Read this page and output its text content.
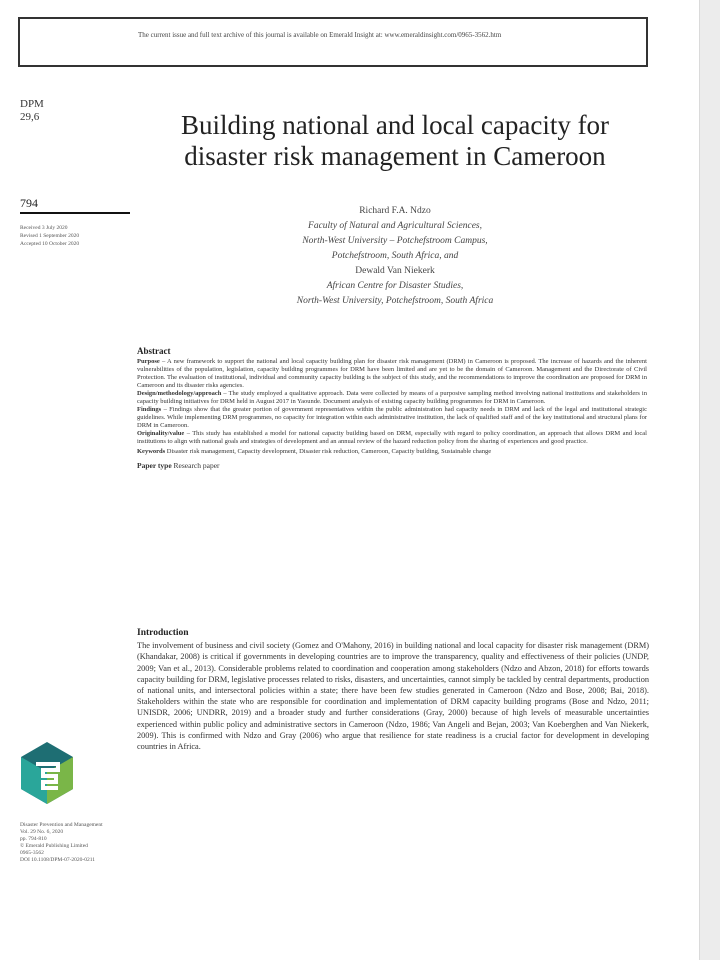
The current issue and full text archive of this journal is available on Emerald Insight at: www.emeraldinsight.com/0965-3562.htm
DPM
29,6
794
Received 3 July 2020
Revised 1 September 2020
Accepted 10 October 2020
Building national and local capacity for disaster risk management in Cameroon
Richard F.A. Ndzo
Faculty of Natural and Agricultural Sciences,
North-West University – Potchefstroom Campus,
Potchefstroom, South Africa, and
Dewald Van Niekerk
African Centre for Disaster Studies,
North-West University, Potchefstroom, South Africa
Abstract

Purpose – A new framework to support the national and local capacity building plan for disaster risk management (DRM) in Cameroon is proposed. The increase of hazards and the inherent vulnerabilities of the population, legislation, capacity building programmes for DRM have been limited and are yet to be the domain of Cameroon. Management and the Directorate of Civil Protection. The evaluation of institutional, individual and community capacity building is the subject of this study, and the recommendations to improve the coordination are proposed for DRM in Cameroon and its disaster risks agencies.

Design/methodology/approach – The study employed a qualitative approach. Data were collected by means of a purposive sampling method involving national institutions and stakeholders in capacity building initiatives for DRM held in August 2017 in Yaounde. Document analysis of existing capacity building programmes for DRM in Cameroon.

Findings – Findings show that the greater portion of government representatives within the public administration had capacity needs in DRM and lack of the legal and institutional strategic guidelines. While implementing DRM programmes, no capacity for integration within each administrative institution, the lack of qualified staff and of the key institutional and structural plans for DRM in Cameroon.

Originality/value – This study has established a model for national capacity building based on DRM, especially with regard to policy coordination, an approach that allows DRM and local institutions to align with national goals and strategies of development and an annual review of the hazard reduction policy from the sharing of experiences and good practice.

Keywords Disaster risk management, Capacity development, Disaster risk reduction, Cameroon, Capacity building, Sustainable change

Paper type Research paper

Introduction

The involvement of business and civil society (Gomez and O'Mahony, 2016) in building national and local capacity for disaster risk management (DRM) (Khandakar, 2008) is critical if governments in developing countries are to improve the transparency, quality and effectiveness of their policies (UNDP, 2009; Van et al., 2013). Considerable problems related to coordination and cooperation among stakeholders (Ndzo and Abzon, 2018) for efforts towards capacity building for DRM, legislative processes related to risks, disasters, and uncertainties, cannot simply be tackled by central departments, production of national units, and intersectoral policies within a state; there have been few studies generated in Cameroon (Ndzo and Bose, 2008; Bai, 2018). Stakeholders within the state who are responsible for coordination and implementation of DRM capacity building programs (Bose and Ndzo, 2011; UNISDR, 2006; UNDRR, 2019) and a broader study and further considerations (Gray, 2000) because of high levels of measurable uncertainties experienced within public policy and administrative sectors in Cameroon (Ndzo, 1986; Van Angeli and Bejan, 2003; Van Koeberghen and Van Niekerk, 2009). This is confirmed with Ndzo and Gray (2006) who argue that resilience for state readiness is a crucial factor for development in developing countries in Africa.

Disaster Prevention and Management
Vol. 29 No. 6, 2020
pp. 794-810
© Emerald Publishing Limited
0965-3562
DOI 10.1108/DPM-07-2020-0211
